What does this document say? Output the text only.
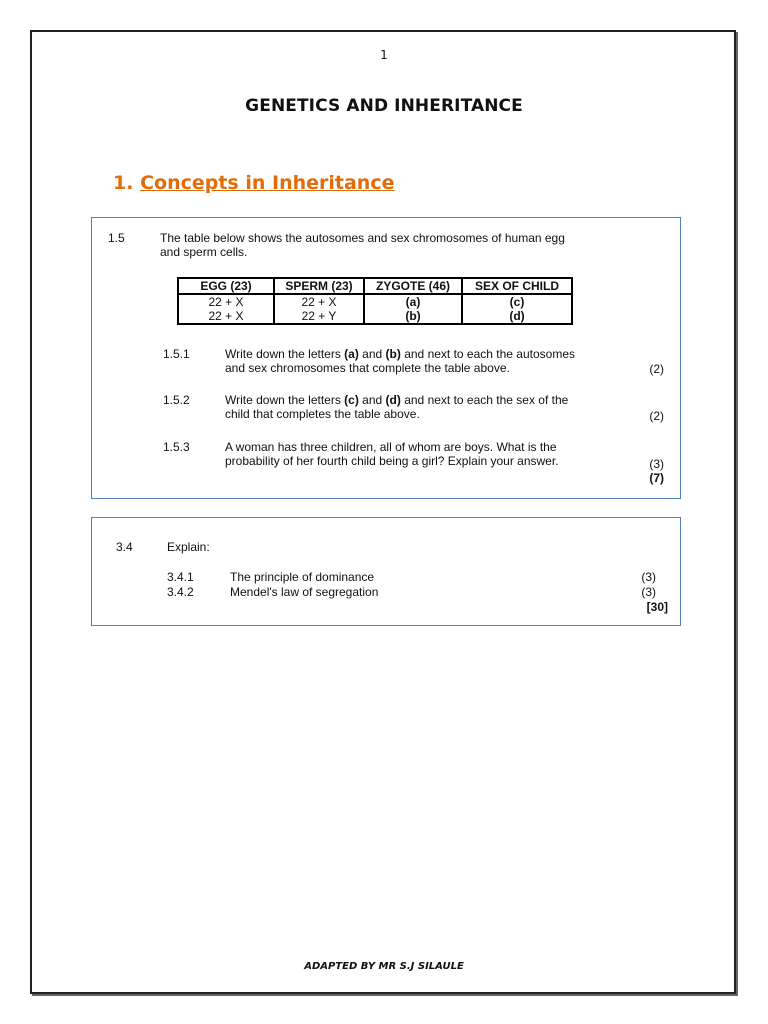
1
GENETICS AND INHERITANCE
1. Concepts in Inheritance
1.5	The table below shows the autosomes and sex chromosomes of human egg
and sperm cells.
EGG (23)	SPERM (23)	ZYGOTE (46)	SEX OF CHILD
22 + X	22 + X	(a)	(c)
22 + X	22 + Y	(b)	(d)
1.5.1	Write down the letters (a) and (b) and next to each the autosomes
and sex chromosomes that complete the table above.	(2)
1.5.2	Write down the letters (c) and (d) and next to each the sex of the
child that completes the table above.	(2)
1.5.3	A woman has three children, all of whom are boys. What is the
probability of her fourth child being a girl? Explain your answer.	(3)
(7)
3.4	Explain:
3.4.1	The principle of dominance	(3)
3.4.2	Mendel's law of segregation	(3)
[30]
ADAPTED BY MR S.J SILAULE
